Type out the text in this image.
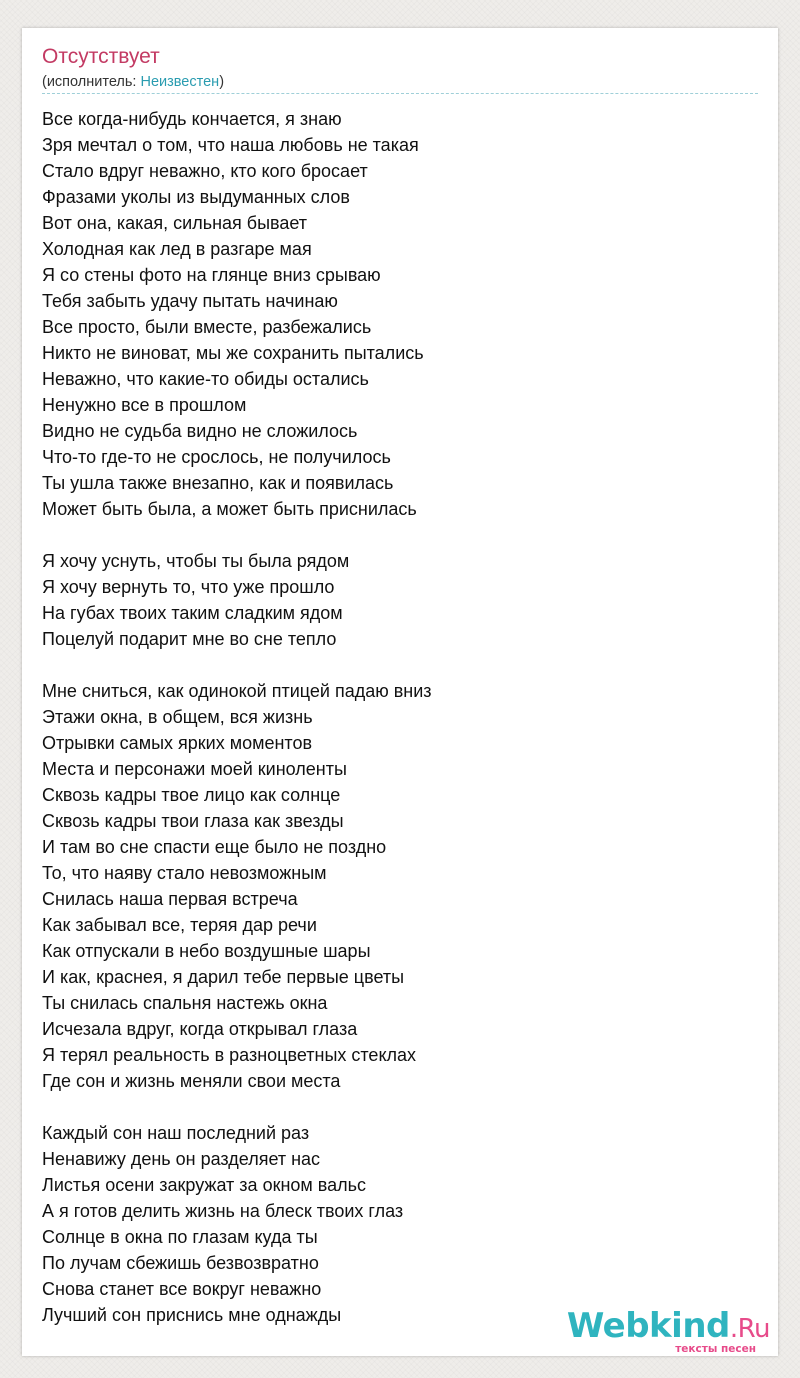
Отсутствует
(исполнитель: Неизвестен)
Все когда-нибудь кончается, я знаю
Зря мечтал о том, что наша любовь не такая
Стало вдруг неважно, кто кого бросает
Фразами уколы из выдуманных слов
Вот она, какая, сильная бывает
Холодная как лед в разгаре мая
Я со стены фото на глянце вниз срываю
Тебя забыть удачу пытать начинаю
Все просто, были вместе, разбежались
Никто не виноват, мы же сохранить пытались
Неважно, что какие-то обиды остались
Ненужно все в прошлом
Видно не судьба видно не сложилось
Что-то где-то не срослось, не получилось
Ты ушла также внезапно, как и появилась
Может быть была, а может быть приснилась
Я хочу уснуть, чтобы ты была рядом
Я хочу вернуть то, что уже прошло
На губах твоих таким сладким ядом
Поцелуй подарит мне во сне тепло
Мне сниться, как одинокой птицей падаю вниз
Этажи окна, в общем, вся жизнь
Отрывки самых ярких моментов
Места и персонажи моей киноленты
Сквозь кадры твое лицо как солнце
Сквозь кадры твои глаза как звезды
И там во сне спасти еще было не поздно
То, что наяву стало невозможным
Снилась наша первая встреча
Как забывал все, теряя дар речи
Как отпускали в небо воздушные шары
И как, краснея, я дарил тебе первые цветы
Ты снилась спальня настежь окна
Исчезала вдруг, когда открывал глаза
Я терял реальность в разноцветных стеклах
Где сон и жизнь меняли свои места
Каждый сон наш последний раз
Ненавижу день он разделяет нас
Листья осени закружат за окном вальс
А я готов делить жизнь на блеск твоих глаз
Солнце в окна по глазам куда ты
По лучам сбежишь безвозвратно
Снова станет все вокруг неважно
Лучший сон приснись мне однажды	Webkind.Ru
тексты песен
